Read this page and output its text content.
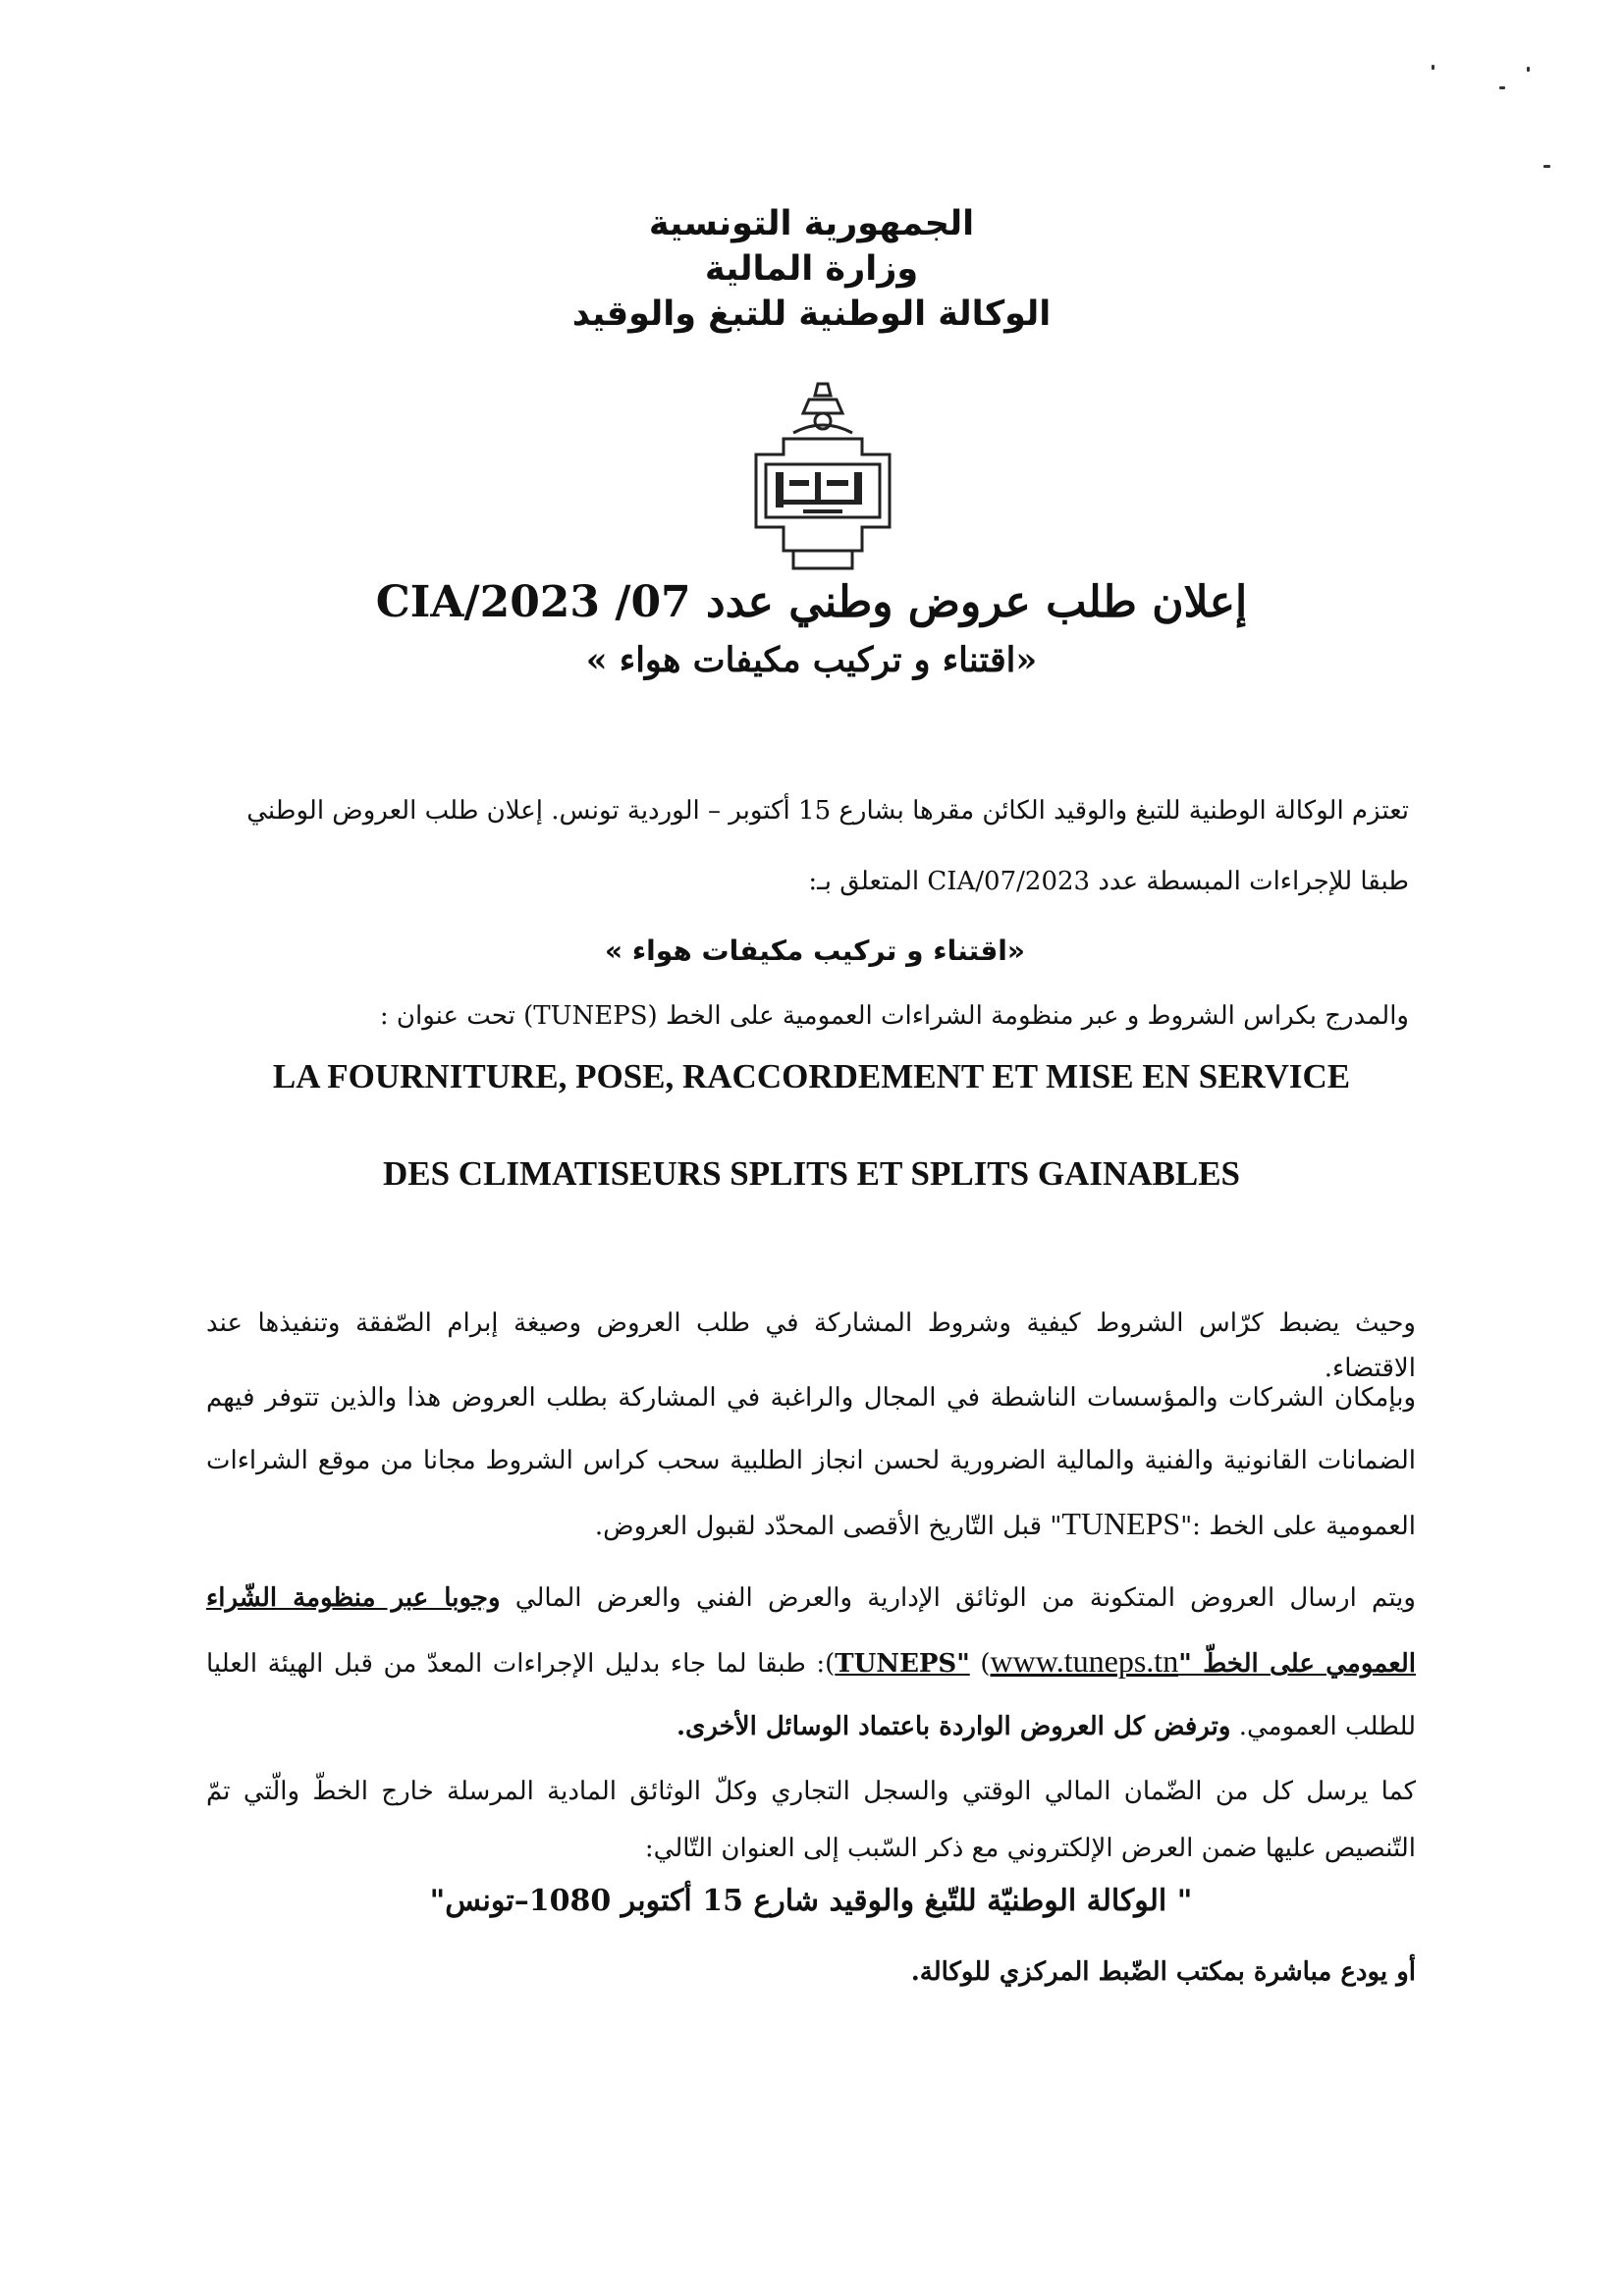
الجمهورية التونسية
وزارة المالية
الوكالة الوطنية للتبغ والوقيد
إعلان طلب عروض وطني عدد 07/ 2023/CIA
«اقتناء و تركيب مكيفات هواء »
تعتزم الوكالة الوطنية للتبغ والوقيد الكائن مقرها بشارع 15 أكتوبر – الوردية تونس. إعلان طلب العروض الوطني
طبقا للإجراءات المبسطة عدد 2023/CIA/07 المتعلق بـ:
«اقتناء و تركيب مكيفات هواء »
والمدرج بكراس الشروط و عبر منظومة الشراءات العمومية على الخط (TUNEPS) تحت عنوان :
LA FOURNITURE, POSE, RACCORDEMENT ET MISE EN SERVICE
DES CLIMATISEURS SPLITS ET SPLITS GAINABLES
وحيث يضبط كرّاس الشروط كيفية وشروط المشاركة في طلب العروض وصيغة إبرام الصّفقة وتنفيذها عند الاقتضاء.
وبإمكان الشركات والمؤسسات الناشطة في المجال والراغبة في المشاركة بطلب العروض هذا والذين تتوفر فيهم الضمانات القانونية والفنية والمالية الضرورية لحسن انجاز الطلبية سحب كراس الشروط مجانا من موقع الشراءات العمومية على الخط :"TUNEPS" قبل التّاريخ الأقصى المحدّد لقبول العروض.
ويتم ارسال العروض المتكونة من الوثائق الإدارية والعرض الفني والعرض المالي وجوبا عبر منظومة الشّراء العمومي على الخطّ "TUNEPS" (www.tuneps.tn): طبقا لما جاء بدليل الإجراءات المعدّ من قبل الهيئة العليا للطلب العمومي. وترفض كل العروض الواردة باعتماد الوسائل الأخرى.
كما يرسل كل من الضّمان المالي الوقتي والسجل التجاري وكلّ الوثائق المادية المرسلة خارج الخطّ والّتي تمّ التّنصيص عليها ضمن العرض الإلكتروني مع ذكر السّبب إلى العنوان التّالي:
" الوكالة الوطنيّة للتّبغ والوقيد شارع 15 أكتوبر 1080–تونس"
أو يودع مباشرة بمكتب الضّبط المركزي للوكالة.
